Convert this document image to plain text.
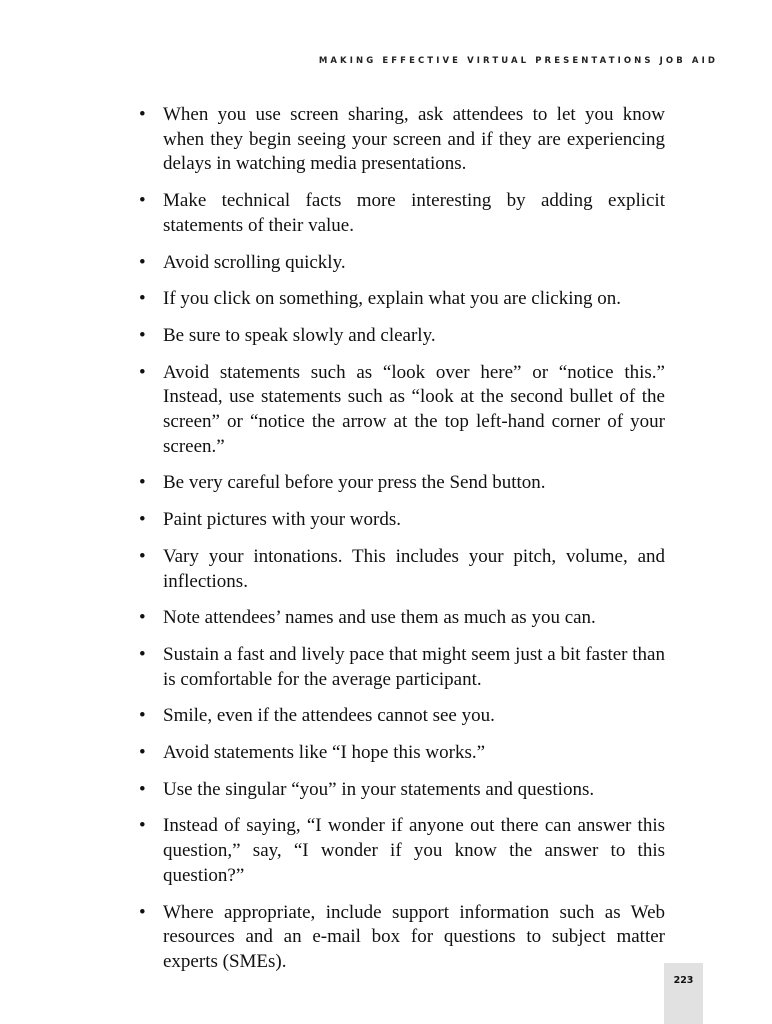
MAKING EFFECTIVE VIRTUAL PRESENTATIONS JOB AID
• When you use screen sharing, ask attendees to let you know when they begin seeing your screen and if they are experiencing delays in watching media presentations.
• Make technical facts more interesting by adding explicit statements of their value.
• Avoid scrolling quickly.
• If you click on something, explain what you are clicking on.
• Be sure to speak slowly and clearly.
• Avoid statements such as “look over here” or “notice this.” Instead, use statements such as “look at the second bullet of the screen” or “notice the arrow at the top left-hand corner of your screen.”
• Be very careful before your press the Send button.
• Paint pictures with your words.
• Vary your intonations. This includes your pitch, volume, and inflections.
• Note attendees’ names and use them as much as you can.
• Sustain a fast and lively pace that might seem just a bit faster than is comfortable for the average participant.
• Smile, even if the attendees cannot see you.
• Avoid statements like “I hope this works.”
• Use the singular “you” in your statements and questions.
• Instead of saying, “I wonder if anyone out there can answer this question,” say, “I wonder if you know the answer to this question?”
• Where appropriate, include support information such as Web resources and an e-mail box for questions to subject matter experts (SMEs).
223
